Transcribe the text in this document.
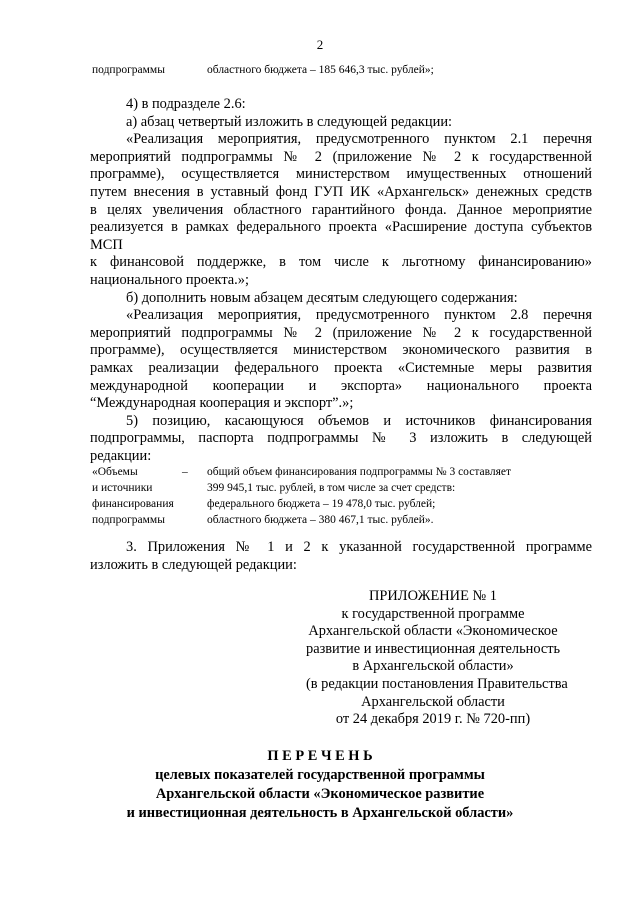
2
подпрограммы	областного бюджета – 185 646,3 тыс. рублей»;

4) в подразделе 2.6:

а) абзац четвертый изложить в следующей редакции:

«Реализация мероприятия, предусмотренного пунктом 2.1 перечня

мероприятий подпрограммы № 2 (приложение № 2 к государственной

программе), осуществляется министерством имущественных отношений

путем внесения в уставный фонд ГУП ИК «Архангельск» денежных средств

в целях увеличения областного гарантийного фонда. Данное мероприятие

реализуется в рамках федерального проекта «Расширение доступа субъектов

МСП

к финансовой поддержке, в том числе к льготному финансированию»

национального проекта.»;

б) дополнить новым абзацем десятым следующего содержания:

«Реализация мероприятия, предусмотренного пунктом 2.8 перечня

мероприятий подпрограммы № 2 (приложение № 2 к государственной

программе), осуществляется министерством экономического развития в

рамках реализации федерального проекта «Системные меры развития

международной кооперации и экспорта» национального проекта

“Международная кооперация и экспорт”.»;

5) позицию, касающуюся объемов и источников финансирования

подпрограммы, паспорта подпрограммы № 3 изложить в следующей

редакции:

«Объемы
и источники
финансирования
подпрограммы
– общий объем финансирования подпрограммы № 3 составляет
399 945,1 тыс. рублей, в том числе за счет средств:
федерального бюджета – 19 478,0 тыс. рублей;
областного бюджета – 380 467,1 тыс. рублей».

3. Приложения № 1 и 2 к указанной государственной программе

изложить в следующей редакции:

ПРИЛОЖЕНИЕ № 1
к государственной программе
Архангельской области «Экономическое
развитие и инвестиционная деятельность
в Архангельской области»
(в редакции постановления Правительства
Архангельской области
от 24 декабря 2019 г. № 720-пп)
П Е Р Е Ч Е Н Ь
целевых показателей государственной программы
Архангельской области «Экономическое развитие
и инвестиционная деятельность в Архангельской области»
